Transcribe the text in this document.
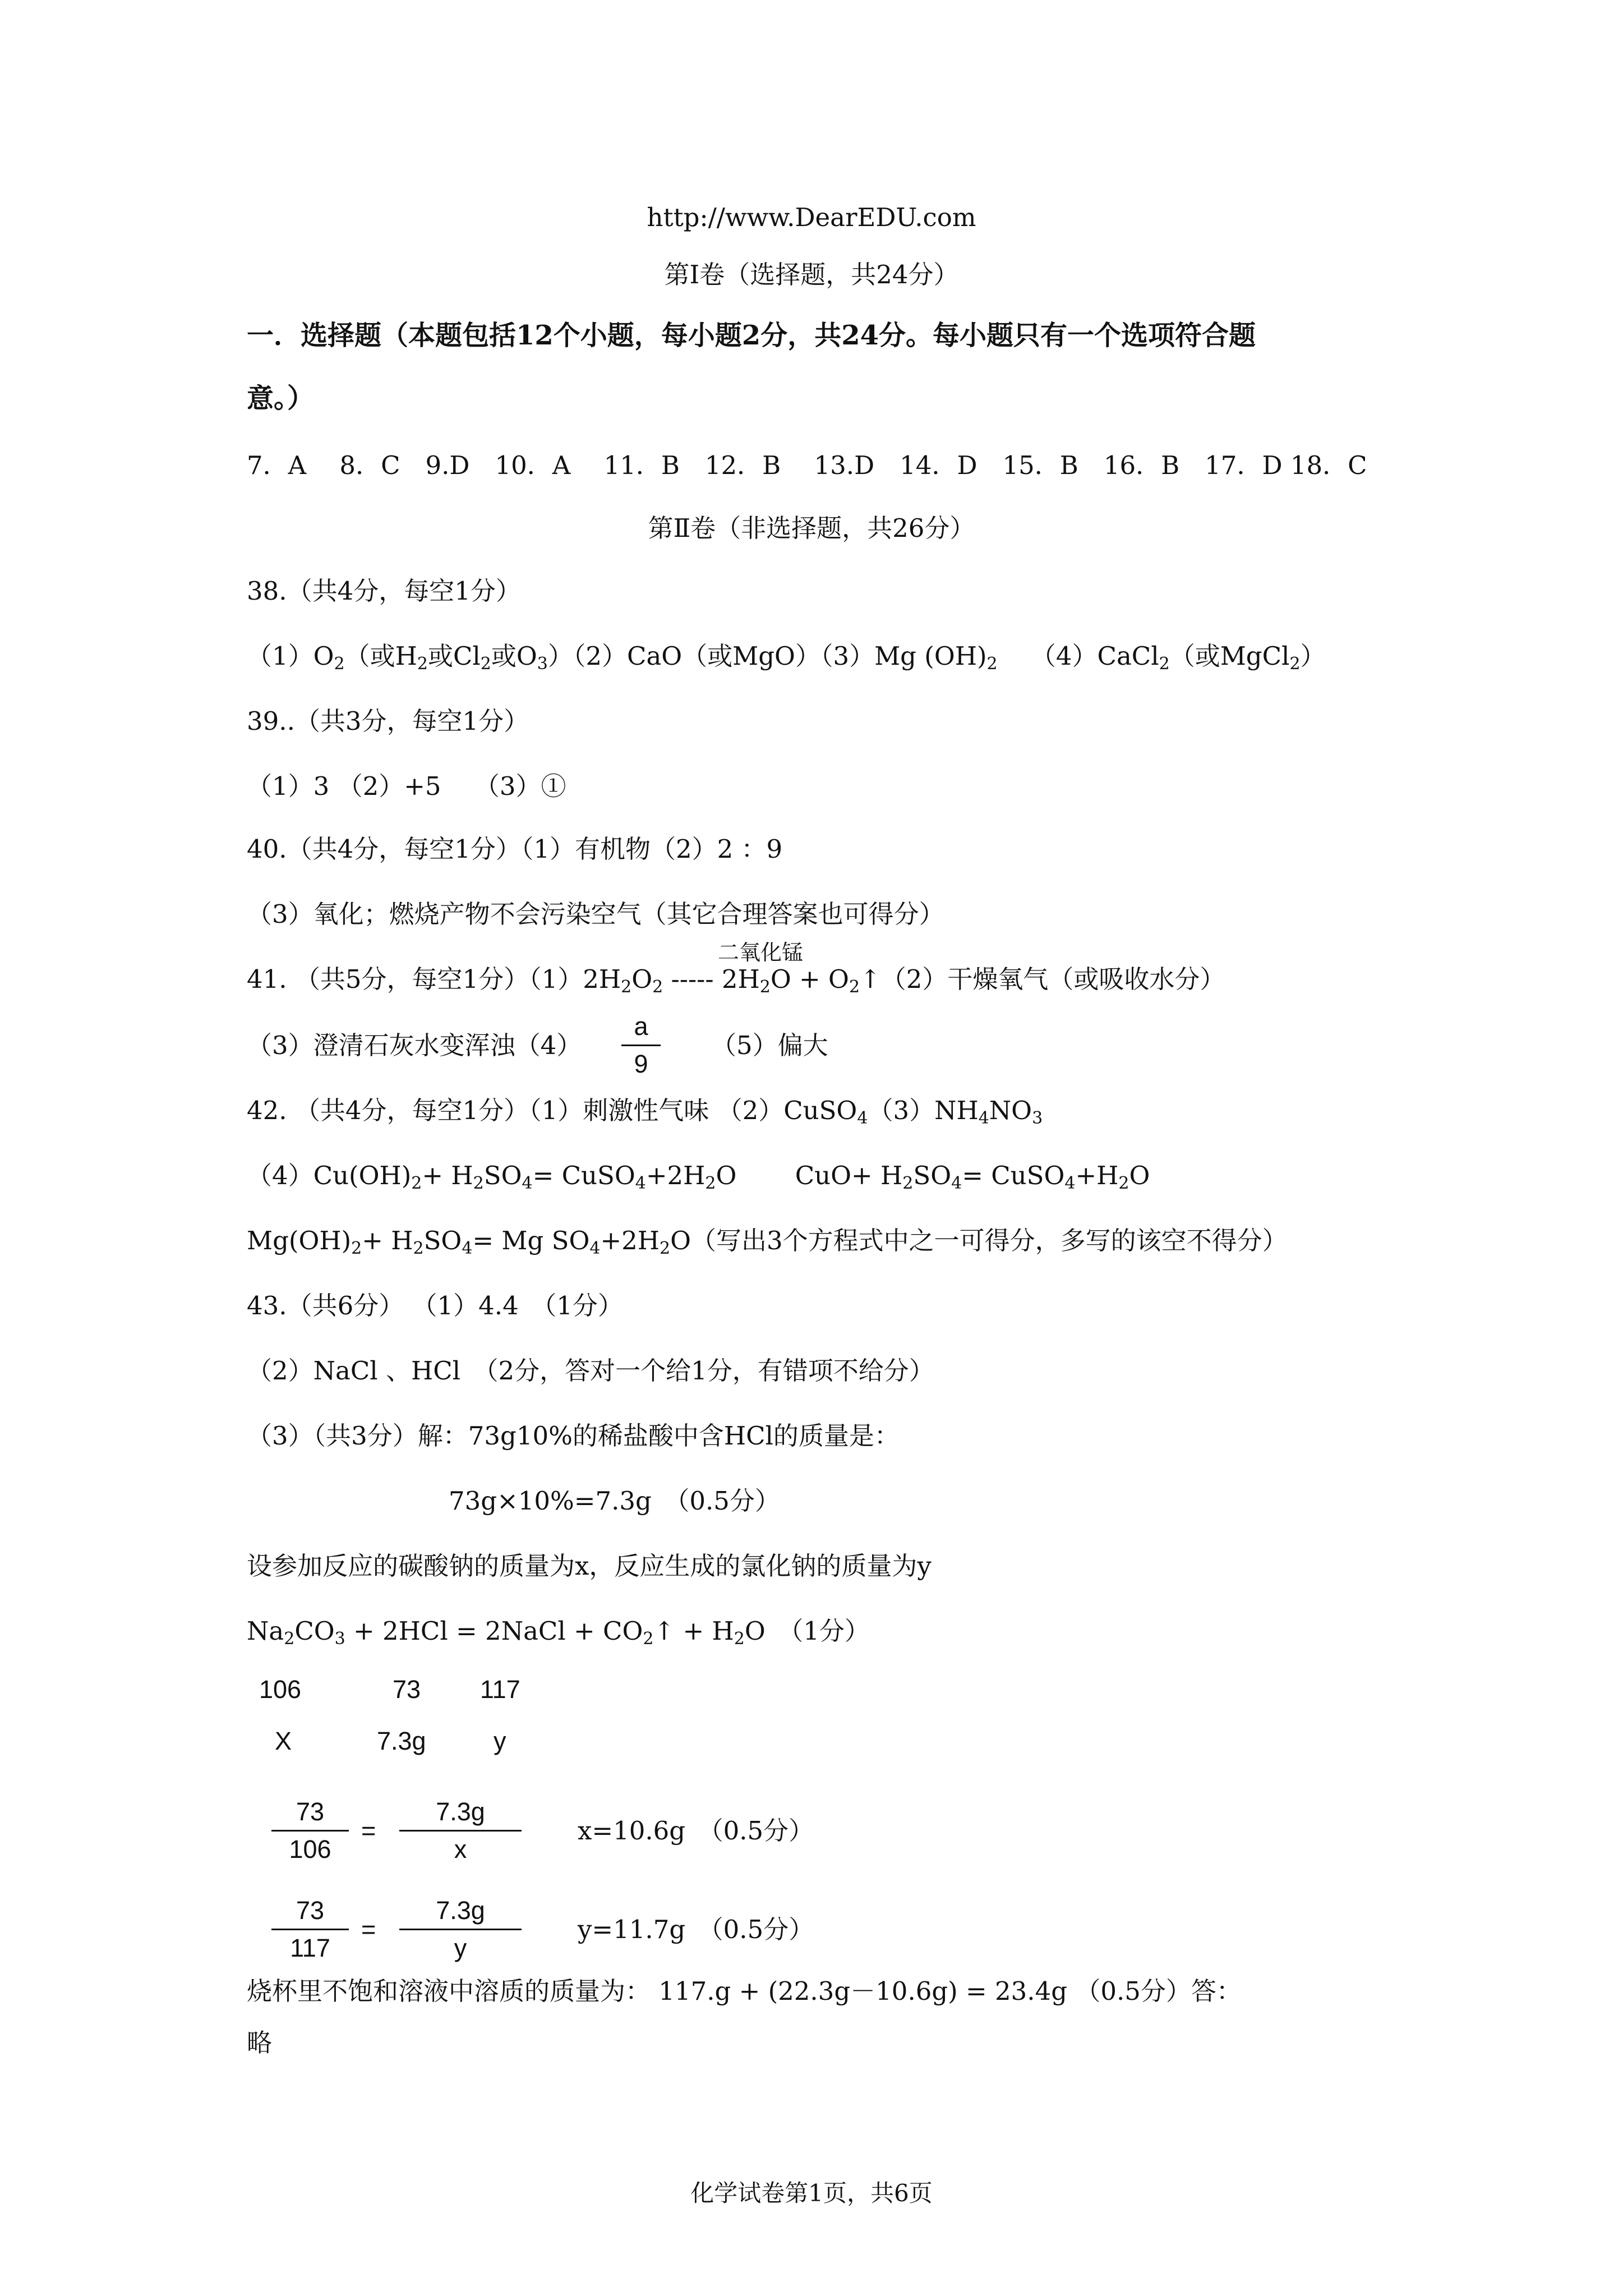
http://www.DearEDU.com
第Ⅰ卷（选择题，共24分）
一．选择题（本题包括12个小题，每小题2分，共24分。每小题只有一个选项符合题
意。）
7．A　 8．C　9.D　10．A　 11．B　12．B　 13.D　14．D　15．B　16．B　17．D 18．C
第Ⅱ卷（非选择题，共26分）
38.（共4分，每空1分）
$(1)O_2$（或$H_2$或$Cl_2$或$O_3)(2)CaO$（或MgO）（3）Mg $(OH)_2$　 （4）CaCl$_2$（或MgCl$_2$）
39..（共3分，每空1分）
（1）3 （2）+5　 （3）①
40.（共4分，每空1分）（1）有机物（2）2 ：9
（3）氧化；燃烧产物不会污染空气（其它合理答案也可得分）
二氧化锰
41. （共5分，每空1分）$(1)2H_2O_2$ ----- $2H_2O$ + $O_2↑(2)$干燥氧气（或吸收水分）
（3）澄清石灰水变浑浊（4）
a
9
（5）偏大
42. （共4分，每空1分）（1）刺激性气味 $(2)CuSO_4(3)NH_4NO_3$
$(4)Cu(OH)_2+ H_2SO_4=$ $CuSO_4+2H_2O$　　 $CuO+ H_2SO_4=$ $CuSO_4+H_2O$
$Mg(OH)_2+ H_2SO_4= Mg$ $SO_4+2H_2O$（写出3个方程式中之一可得分，多写的该空不得分）
43.（共6分） （1）4.4　（1分）
（2）NaCl 、HCl　（2分，答对一个给1分，有错项不给分）
（3）（共3分）解：73g10%的稀盐酸中含HCl的质量是：
73g×10%=7.3g　（0.5分）
设参加反应的碳酸钠的质量为x，反应生成的氯化钠的质量为y
$Na_2CO_3 + 2HCl$ = 2NaCl + $CO_2↑ + H_2O$　（1分）
106	73 117
X	7.3g	y
73
106
=
7.3g
x
x=10.6g　（0.5分）
73
117
=
7.3g
y
y=11.7g　（0.5分）
烧杯里不饱和溶液中溶质的质量为： 117.g + (22.3g－10.6g) = 23.4g （0.5分）答：
略
化学试卷第1页，共6页
